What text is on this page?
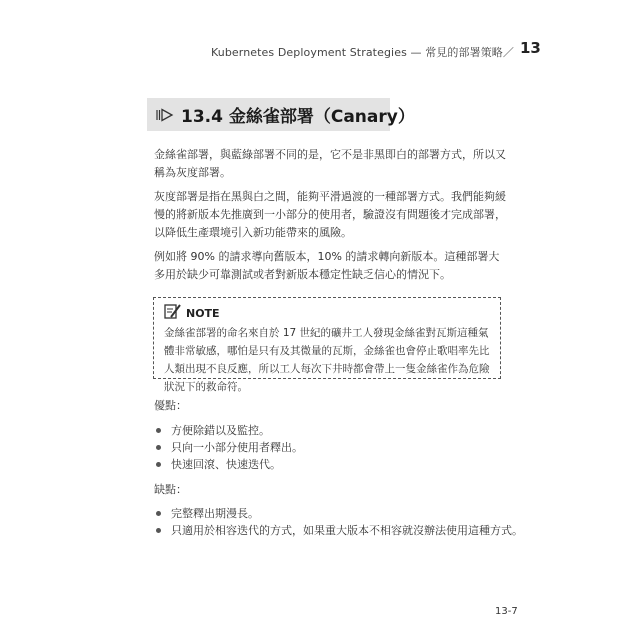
Kubernetes Deployment Strategies — 常見的部署策略／ 13
13.4 金絲雀部署（Canary）

金絲雀部署，與藍綠部署不同的是，它不是非黑即白的部署方式，所以又稱為灰度部署。

灰度部署是指在黑與白之間，能夠平滑過渡的一種部署方式。我們能夠緩慢的將新版本先推廣到一小部分的使用者，驗證沒有問題後才完成部署，以降低生產環境引入新功能帶來的風險。

例如將 90% 的請求導向舊版本，10% 的請求轉向新版本。這種部署大多用於缺少可靠測試或者對新版本穩定性缺乏信心的情況下。

NOTE

金絲雀部署的命名來自於 17 世紀的礦井工人發現金絲雀對瓦斯這種氣體非常敏感，哪怕是只有及其微量的瓦斯，金絲雀也會停止歌唱率先比人類出現不良反應，所以工人每次下井時都會帶上一隻金絲雀作為危險狀況下的救命符。

優點：
方便除錯以及監控。
只向一小部分使用者釋出。
快速回滾、快速迭代。
缺點：
完整釋出期漫長。
只適用於相容迭代的方式，如果重大版本不相容就沒辦法使用這種方式。
13-7
